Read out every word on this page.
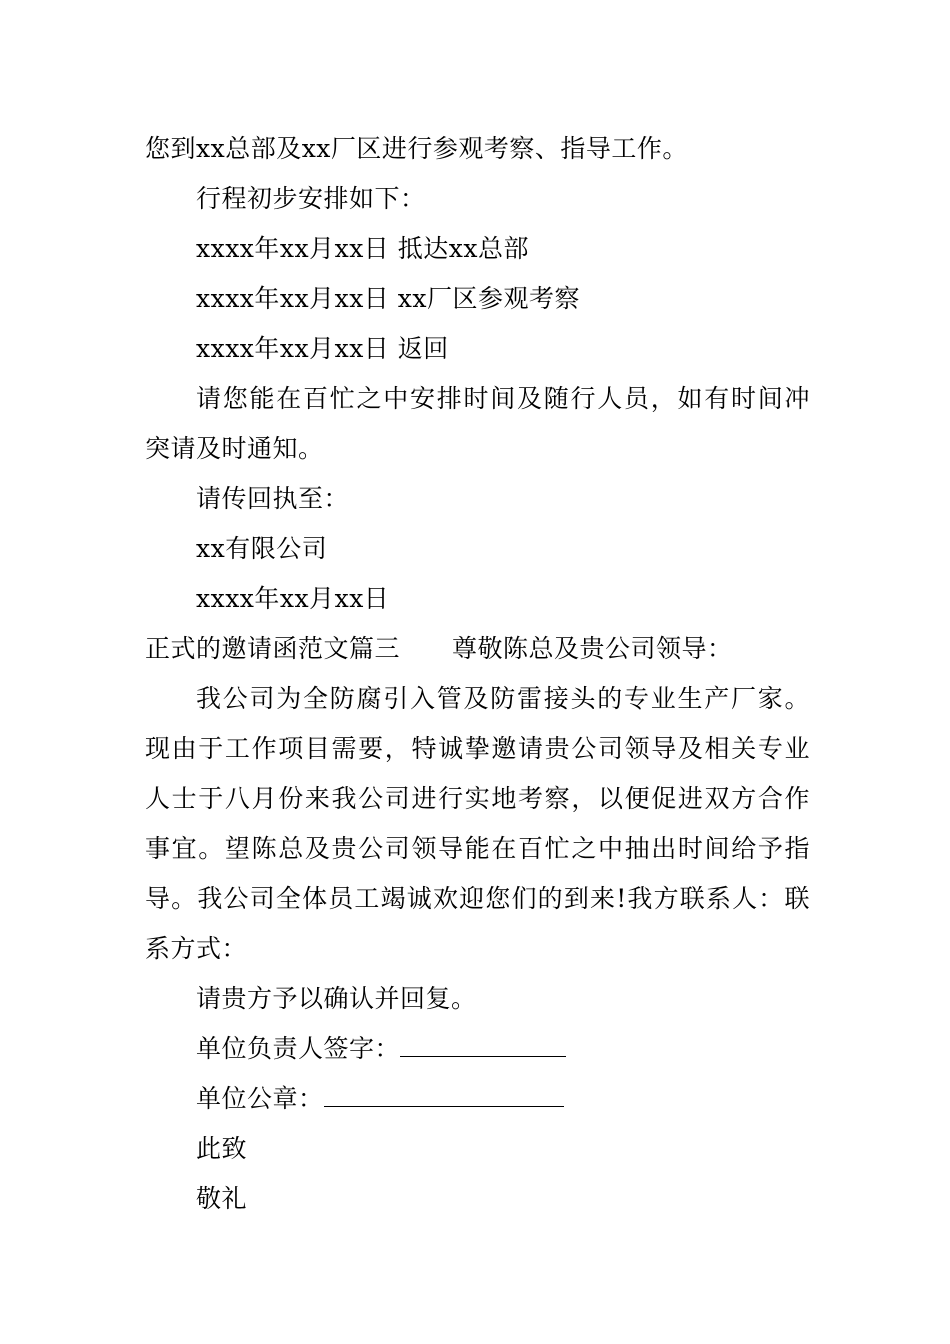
您到xx总部及xx厂区进行参观考察、指导工作。
行程初步安排如下：
xxxx年xx月xx日 抵达xx总部
xxxx年xx月xx日 xx厂区参观考察
xxxx年xx月xx日 返回
请您能在百忙之中安排时间及随行人员，如有时间冲
突请及时通知。
请传回执至：
xx有限公司
xxxx年xx月xx日
正式的邀请函范文篇三 尊敬陈总及贵公司领导：
我公司为全防腐引入管及防雷接头的专业生产厂家。
现由于工作项目需要，特诚挚邀请贵公司领导及相关专业
人士于八月份来我公司进行实地考察，以便促进双方合作
事宜。望陈总及贵公司领导能在百忙之中抽出时间给予指
导。我公司全体员工竭诚欢迎您们的到来!我方联系人：联
系方式：
请贵方予以确认并回复。
单位负责人签字：
单位公章：
此致
敬礼
